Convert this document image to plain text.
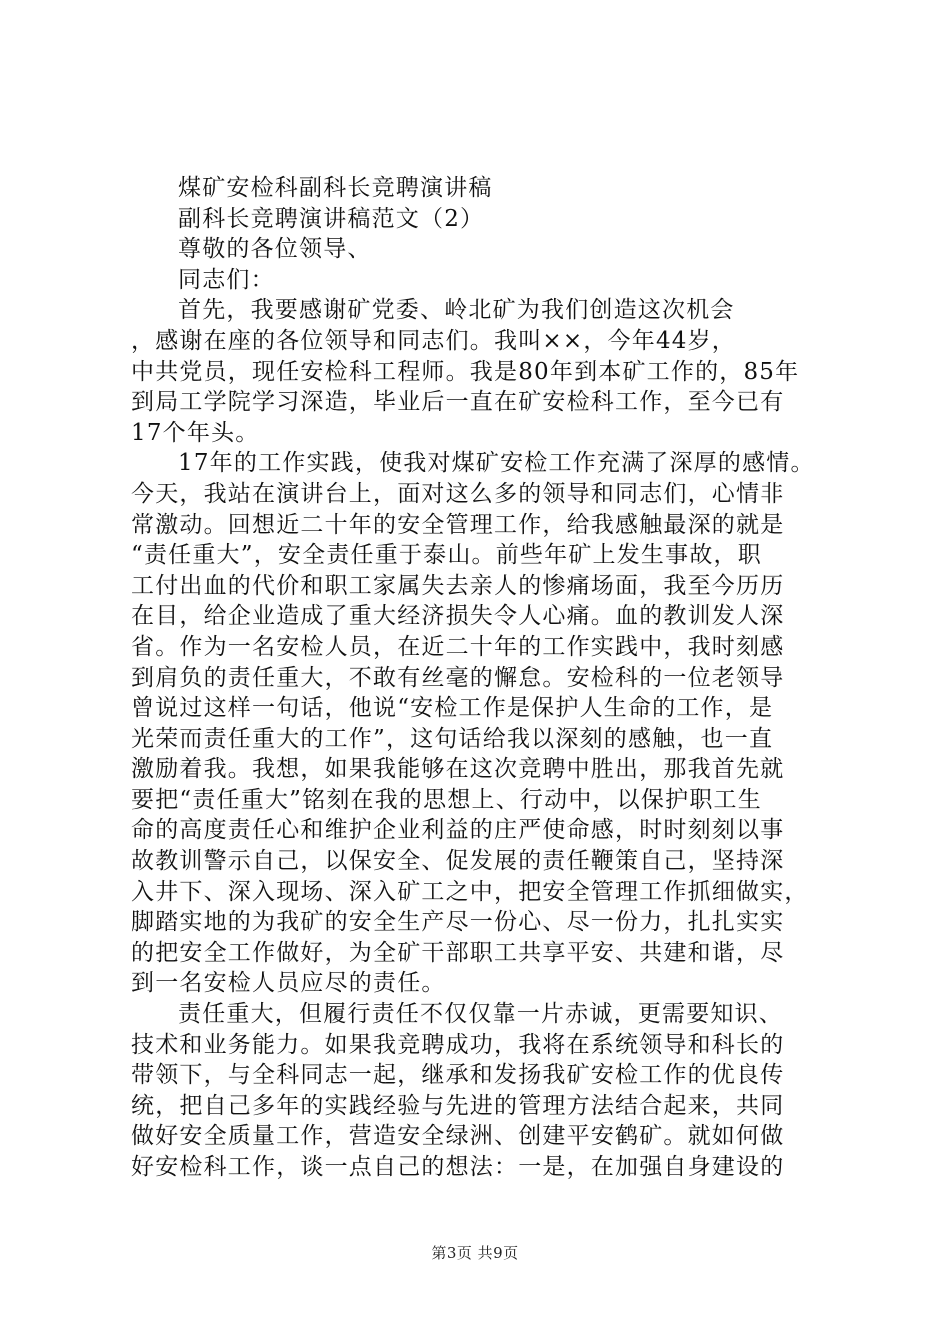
煤矿安检科副科长竞聘演讲稿
副科长竞聘演讲稿范文（2）
尊敬的各位领导、
同志们：
首先，我要感谢矿党委、岭北矿为我们创造这次机会
，感谢在座的各位领导和同志们。我叫××，今年44岁，
中共党员，现任安检科工程师。我是80年到本矿工作的，85年
到局工学院学习深造，毕业后一直在矿安检科工作，至今已有
17个年头。
17年的工作实践，使我对煤矿安检工作充满了深厚的感情。
今天，我站在演讲台上，面对这么多的领导和同志们，心情非
常激动。回想近二十年的安全管理工作，给我感触最深的就是
“责任重大”，安全责任重于泰山。前些年矿上发生事故，职
工付出血的代价和职工家属失去亲人的惨痛场面，我至今历历
在目，给企业造成了重大经济损失令人心痛。血的教训发人深
省。作为一名安检人员，在近二十年的工作实践中，我时刻感
到肩负的责任重大，不敢有丝毫的懈怠。安检科的一位老领导
曾说过这样一句话，他说“安检工作是保护人生命的工作，是
光荣而责任重大的工作”，这句话给我以深刻的感触，也一直
激励着我。我想，如果我能够在这次竞聘中胜出，那我首先就
要把“责任重大”铭刻在我的思想上、行动中，以保护职工生
命的高度责任心和维护企业利益的庄严使命感，时时刻刻以事
故教训警示自己，以保安全、促发展的责任鞭策自己，坚持深
入井下、深入现场、深入矿工之中，把安全管理工作抓细做实，
脚踏实地的为我矿的安全生产尽一份心、尽一份力，扎扎实实
的把安全工作做好，为全矿干部职工共享平安、共建和谐，尽
到一名安检人员应尽的责任。
责任重大，但履行责任不仅仅靠一片赤诚，更需要知识、
技术和业务能力。如果我竞聘成功，我将在系统领导和科长的
带领下，与全科同志一起，继承和发扬我矿安检工作的优良传
统，把自己多年的实践经验与先进的管理方法结合起来，共同
做好安全质量工作，营造安全绿洲、创建平安鹤矿。就如何做
好安检科工作，谈一点自己的想法：一是，在加强自身建设的
第3页 共9页
